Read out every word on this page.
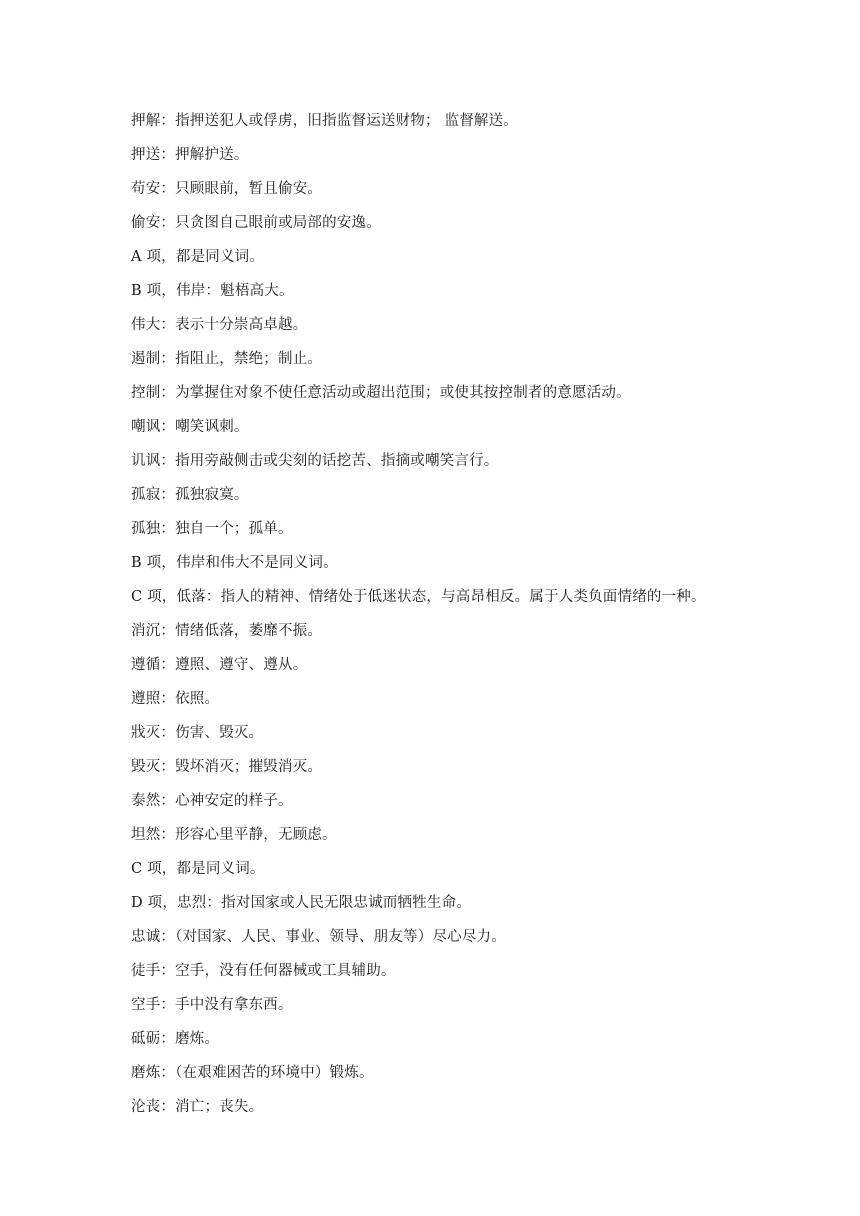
押解：指押送犯人或俘虏，旧指监督运送财物； 监督解送。
押送：押解护送。
苟安：只顾眼前，暂且偷安。
偷安：只贪图自己眼前或局部的安逸。
A 项，都是同义词。
B 项，伟岸：魁梧高大。
伟大：表示十分崇高卓越。
遏制：指阻止，禁绝；制止。
控制：为掌握住对象不使任意活动或超出范围；或使其按控制者的意愿活动。
嘲讽：嘲笑讽刺。
讥讽：指用旁敲侧击或尖刻的话挖苦、指摘或嘲笑言行。
孤寂：孤独寂寞。
孤独：独自一个；孤单。
B 项，伟岸和伟大不是同义词。
C 项，低落：指人的精神、情绪处于低迷状态，与高昂相反。属于人类负面情绪的一种。
消沉：情绪低落，萎靡不振。
遵循：遵照、遵守、遵从。
遵照：依照。
戕灭：伤害、毁灭。
毁灭：毁坏消灭；摧毁消灭。
泰然：心神安定的样子。
坦然：形容心里平静，无顾虑。
C 项，都是同义词。
D 项，忠烈：指对国家或人民无限忠诚而牺牲生命。
忠诚：（对国家、人民、事业、领导、朋友等）尽心尽力。
徒手：空手，没有任何器械或工具辅助。
空手：手中没有拿东西。
砥砺：磨炼。
磨炼：（在艰难困苦的环境中）锻炼。
沦丧：消亡；丧失。
